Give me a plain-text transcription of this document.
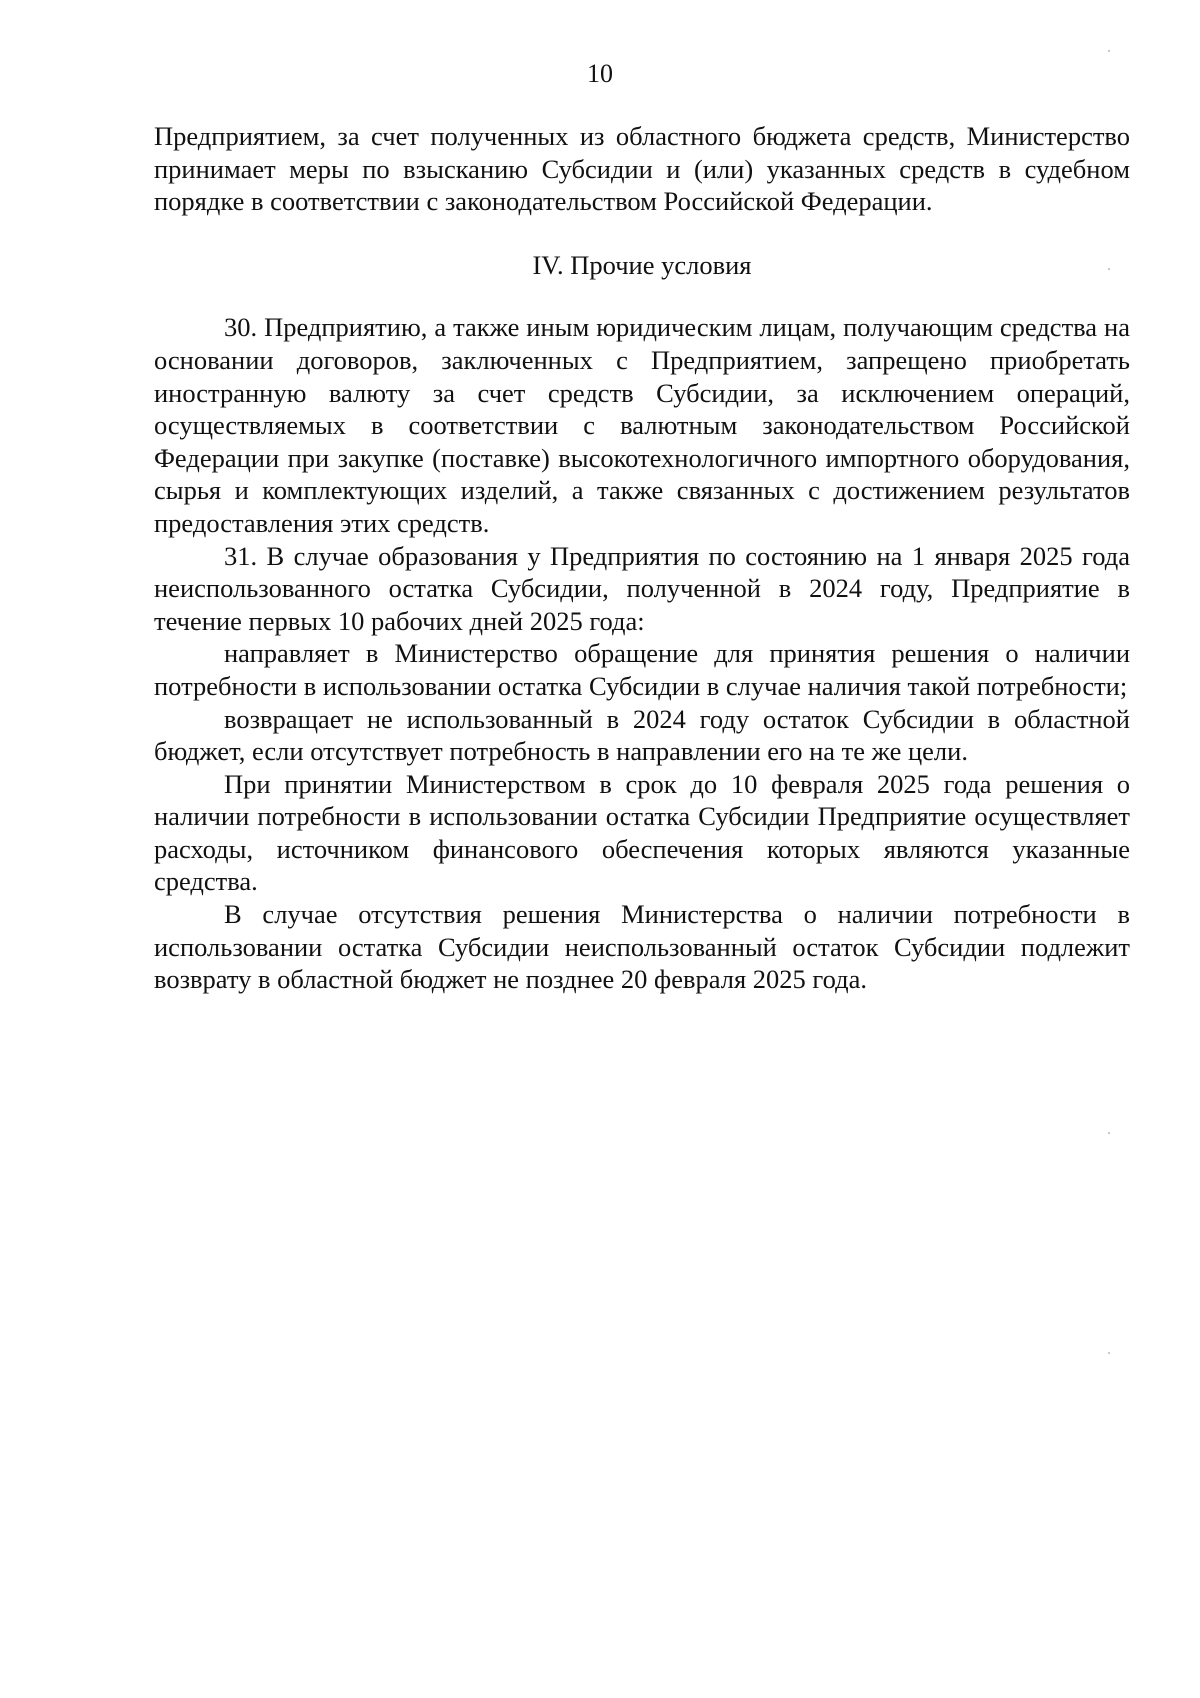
10

Предприятием, за счет полученных из областного бюджета средств, Министерство принимает меры по взысканию Субсидии и (или) указанных средств в судебном порядке в соответствии с законодательством Российской Федерации.

IV. Прочие условия

30. Предприятию, а также иным юридическим лицам, получающим средства на основании договоров, заключенных с Предприятием, запрещено приобретать иностранную валюту за счет средств Субсидии, за исключением операций, осуществляемых в соответствии с валютным законодательством Российской Федерации при закупке (поставке) высокотехнологичного импортного оборудования, сырья и комплектующих изделий, а также связанных с достижением результатов предоставления этих средств.

31. В случае образования у Предприятия по состоянию на 1 января 2025 года неиспользованного остатка Субсидии, полученной в 2024 году, Предприятие в течение первых 10 рабочих дней 2025 года:

направляет в Министерство обращение для принятия решения о наличии потребности в использовании остатка Субсидии в случае наличия такой потребности;

возвращает не использованный в 2024 году остаток Субсидии в областной бюджет, если отсутствует потребность в направлении его на те же цели.

При принятии Министерством в срок до 10 февраля 2025 года решения о наличии потребности в использовании остатка Субсидии Предприятие осуществляет расходы, источником финансового обеспечения которых являются указанные средства.

В случае отсутствия решения Министерства о наличии потребности в использовании остатка Субсидии неиспользованный остаток Субсидии подлежит возврату в областной бюджет не позднее 20 февраля 2025 года.
